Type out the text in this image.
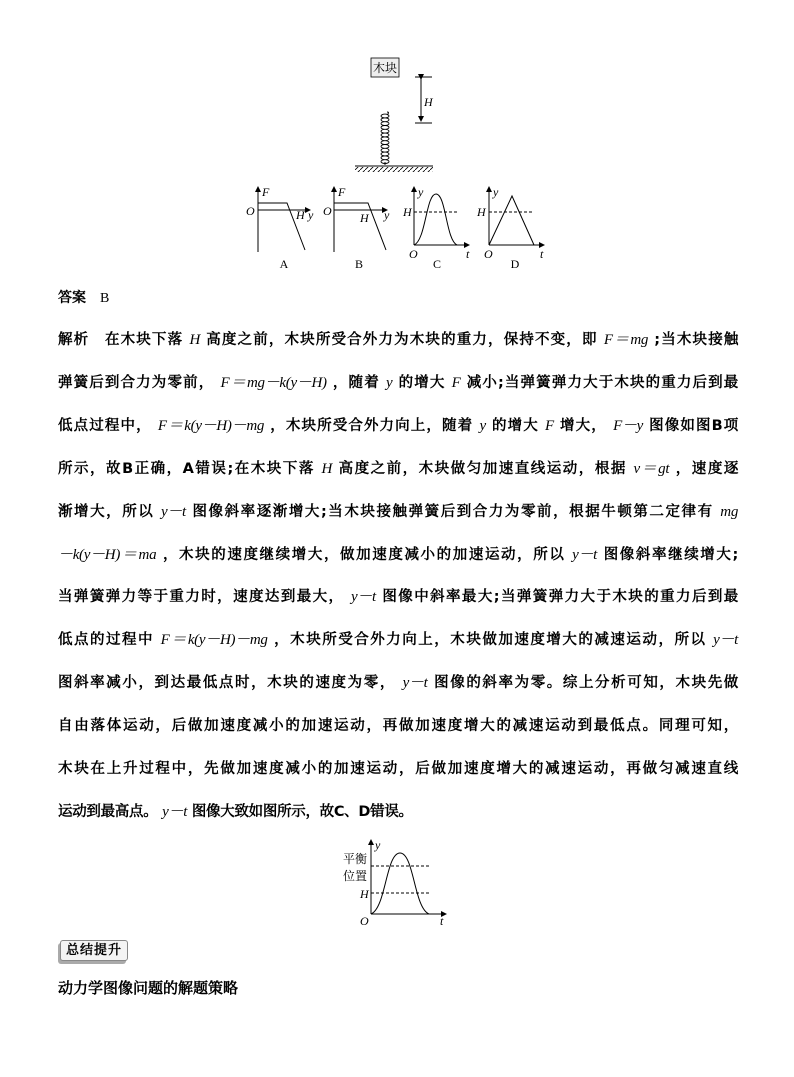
木块
H
F
O	H y
A
F
O H y
B
y
H
O	t
C
y
H
O	t
D
y
平衡
位置
H
O	t
答案 B
解析　在木块下落 H 高度之前，木块所受合外力为木块的重力，保持不变，即 F＝mg ;当木块接触
弹簧后到合力为零前， F＝mg－k(y－H) ，随着 y 的增大 F 减小;当弹簧弹力大于木块的重力后到最
低点过程中， F＝k(y－H)－mg ，木块所受合外力向上，随着 y 的增大 F 增大， F－y 图像如图B项
所示，故B正确，A错误;在木块下落 H 高度之前，木块做匀加速直线运动，根据 v＝gt ，速度逐
渐增大，所以 y－t 图像斜率逐渐增大;当木块接触弹簧后到合力为零前，根据牛顿第二定律有 mg
－k(y－H)＝ma ，木块的速度继续增大，做加速度减小的加速运动，所以 y－t 图像斜率继续增大;
当弹簧弹力等于重力时，速度达到最大， y－t 图像中斜率最大;当弹簧弹力大于木块的重力后到最
低点的过程中 F＝k(y－H)－mg ，木块所受合外力向上，木块做加速度增大的减速运动，所以 y－t
图斜率减小，到达最低点时，木块的速度为零， y－t 图像的斜率为零。综上分析可知，木块先做
自由落体运动，后做加速度减小的加速运动，再做加速度增大的减速运动到最低点。同理可知，
木块在上升过程中，先做加速度减小的加速运动，后做加速度增大的减速运动，再做匀减速直线
运动到最高点。 y－t 图像大致如图所示，故C、D错误。
总结提升
动力学图像问题的解题策略
